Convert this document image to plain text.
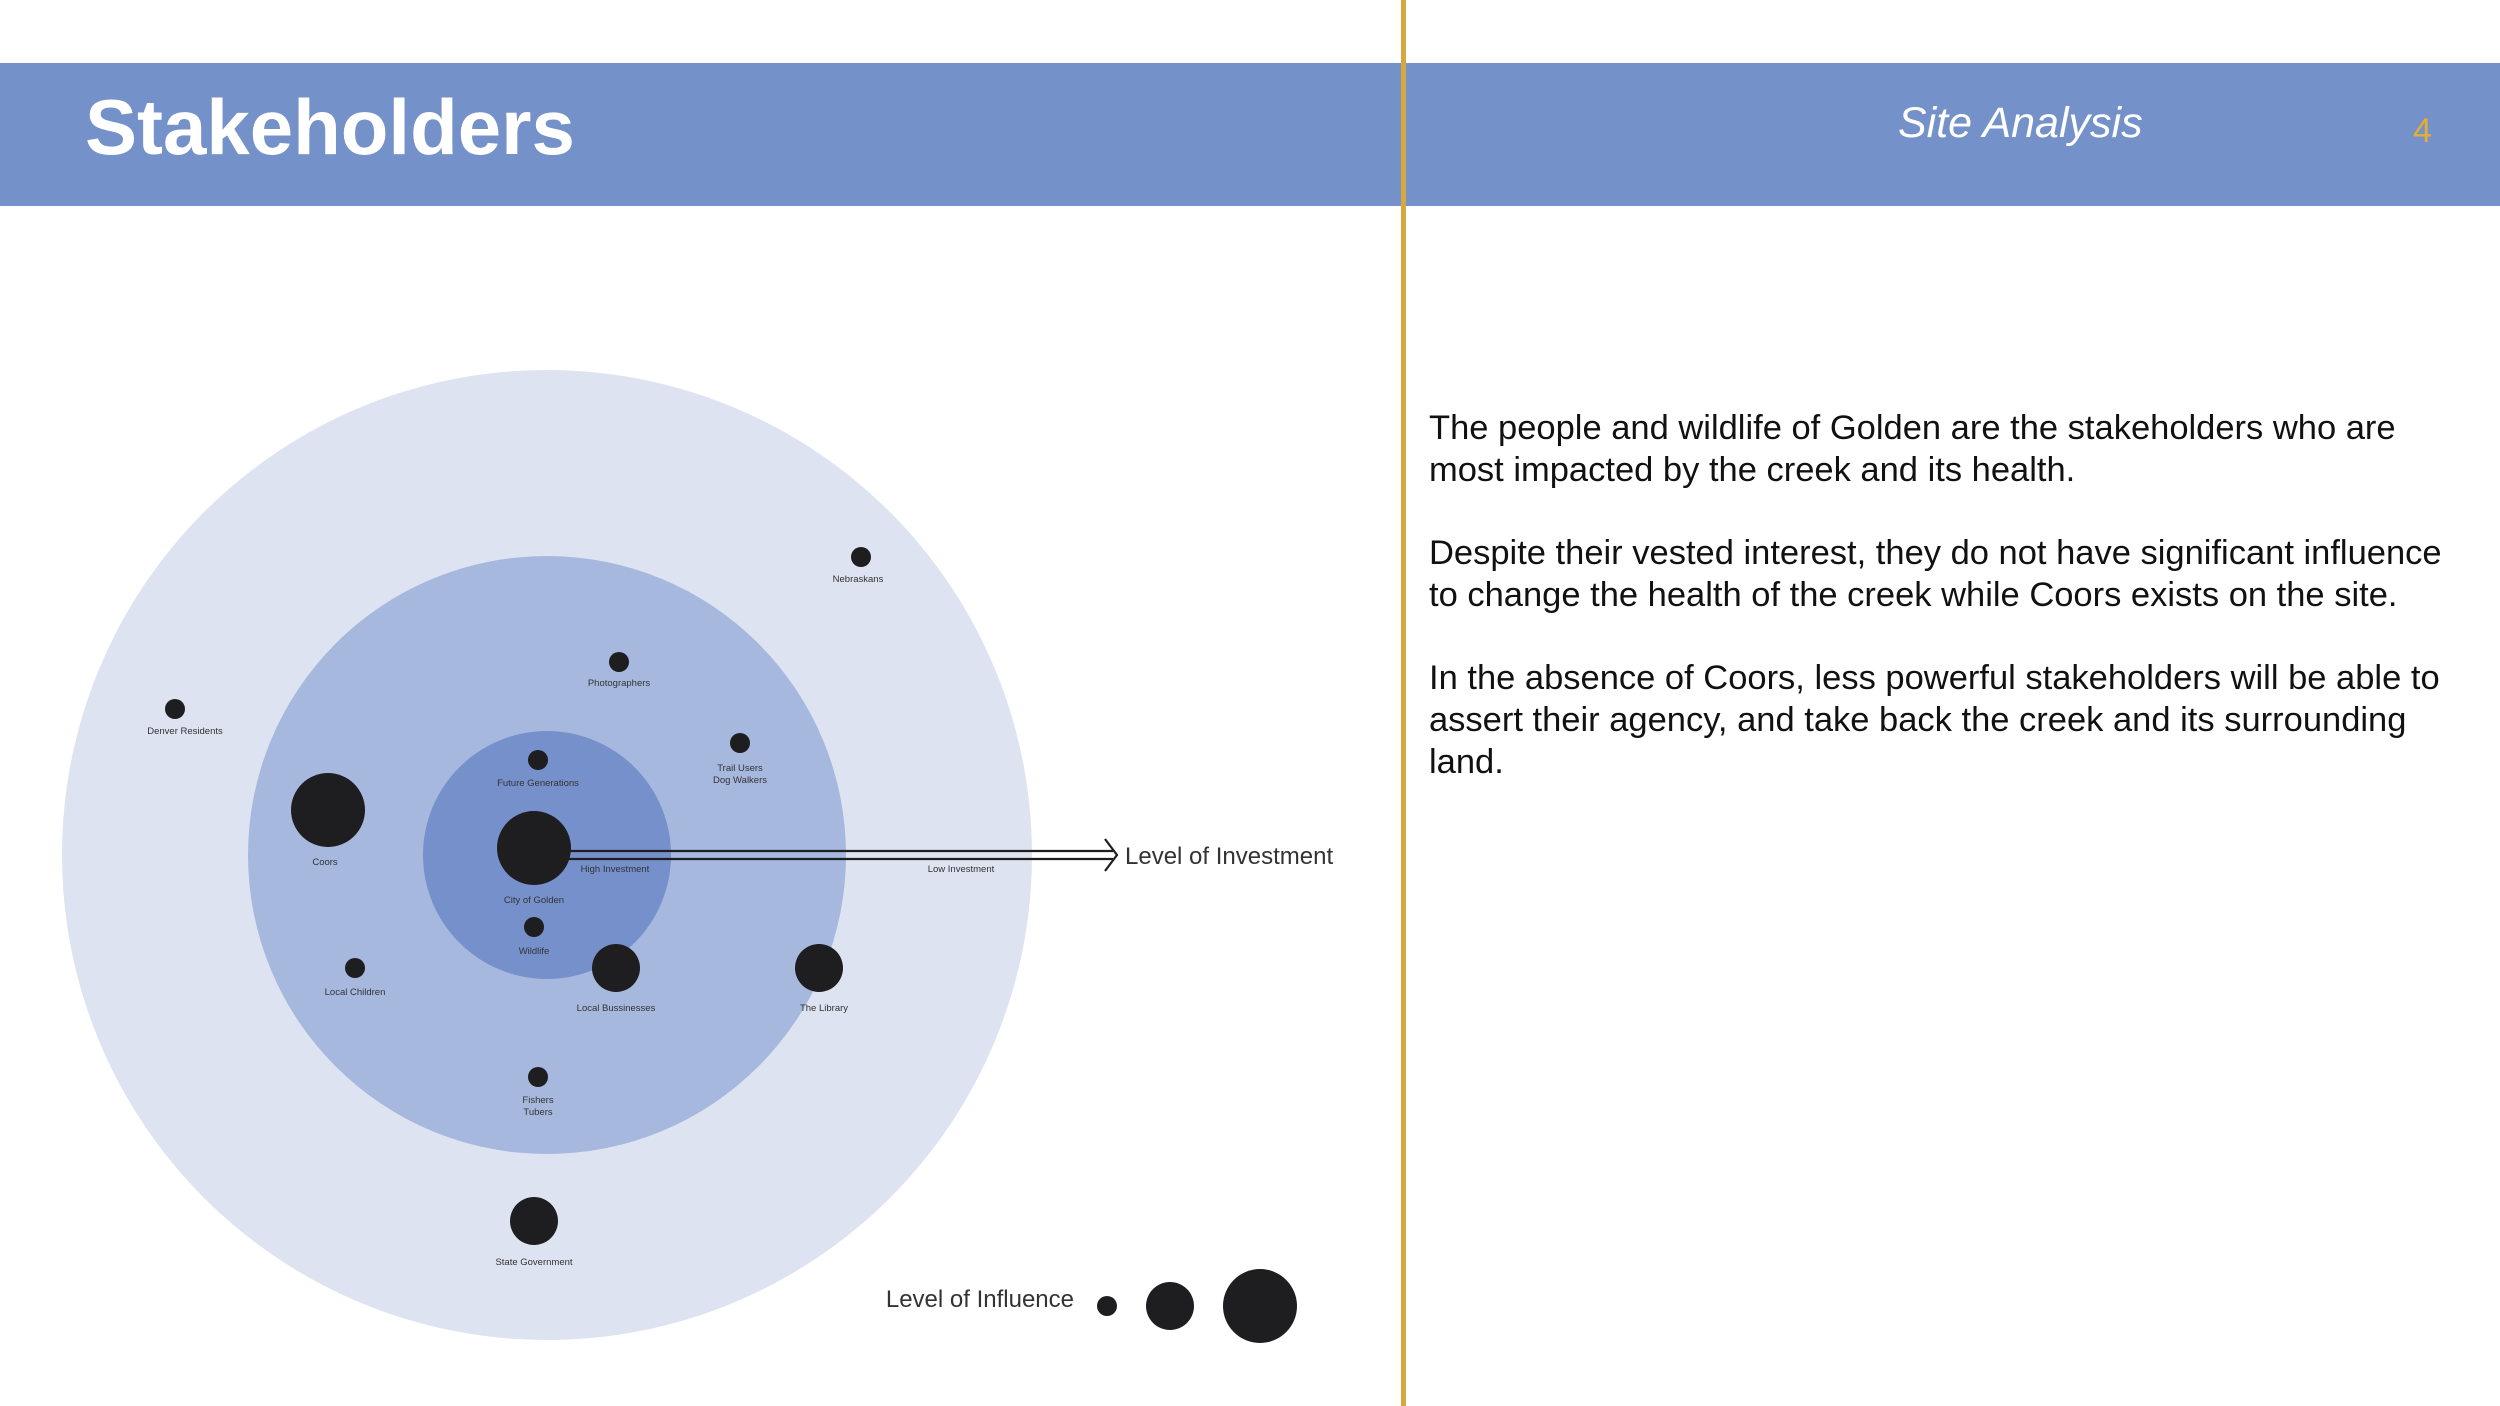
Stakeholders	Site Analysis	4
Level of Investment
High Investment	Low Investment
Nebraskans
Photographers
Denver Residents
Future Generations
Trail Users Dog Walkers
Coors
City of Golden
Wildlife
Local Children
Local Bussinesses	The Library
Fishers Tubers
State Government
Level of Influence

The people and wildlife of Golden are the stakeholders who are most impacted by the creek and its health.

Despite their vested interest, they do not have significant influence to change the health of the creek while Coors exists on the site.

In the absence of Coors, less powerful stakeholders will be able to assert their agency, and take back the creek and its surrounding land.
